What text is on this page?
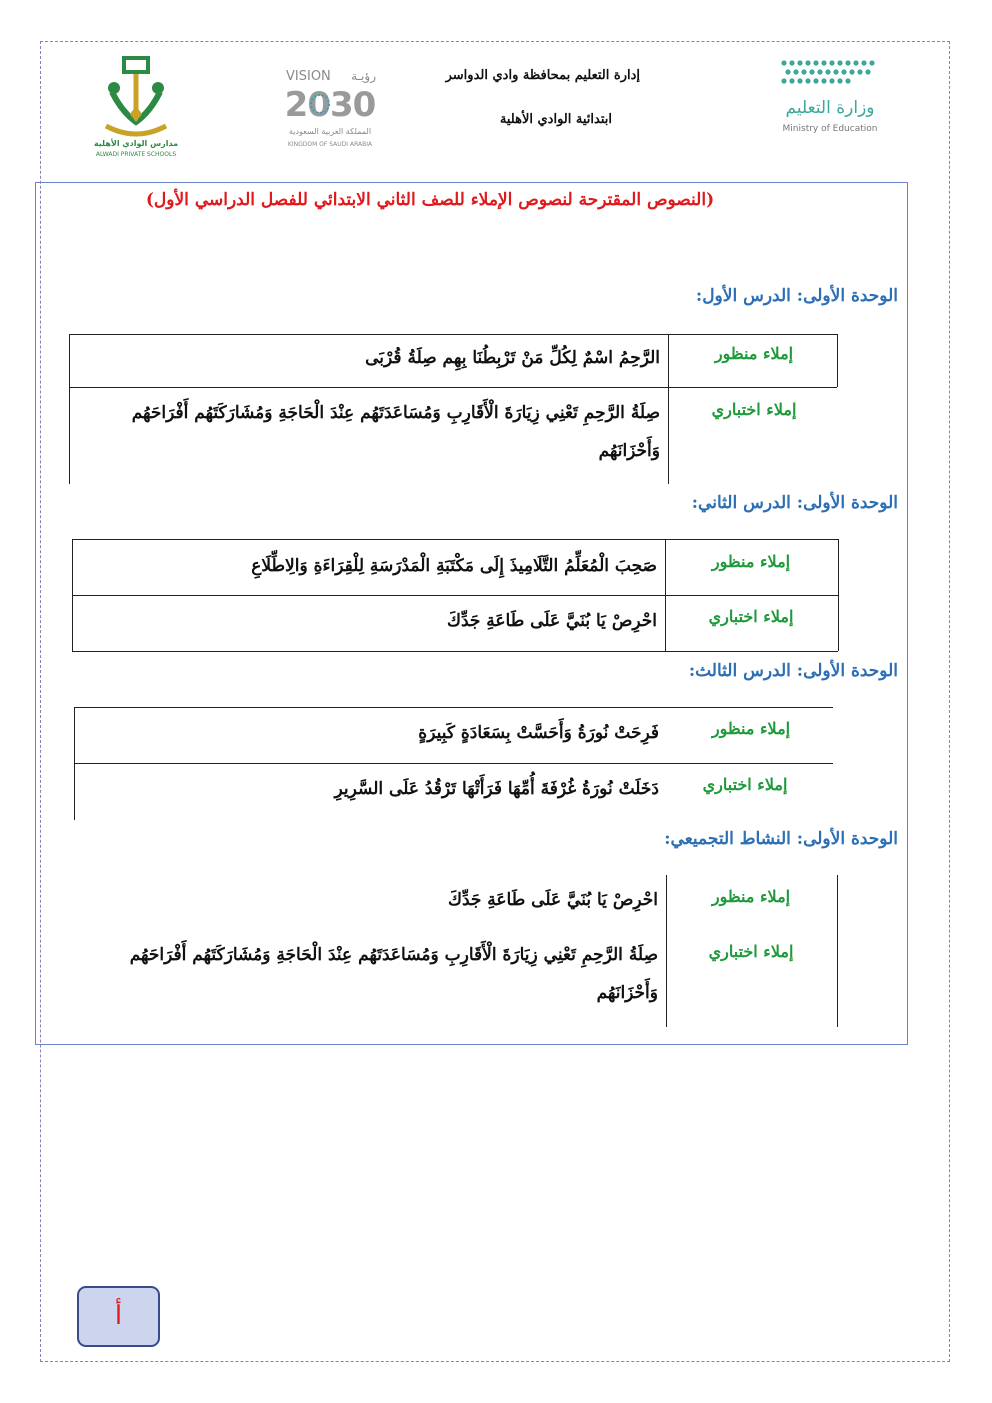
مدارس الوادي الأهلية
ALWADI PRIVATE SCHOOLS
VISION رؤيـة
2030
المملكة العربية السعودية
KINGDOM OF SAUDI ARABIA
إدارة التعليم بمحافظة وادي الدواسر
ابتدائية الوادي الأهلية
وزارة التعليم
Ministry of Education
(النصوص المقترحة لنصوص الإملاء للصف الثاني الابتدائي للفصل الدراسي الأول)
الوحدة الأولى: الدرس الأول:
إملاء منظور
الرَّحِمُ اسْمٌ لِكُلِّ مَنْ تَرْبِطُنَا بِهِم صِلَةُ قُرْبَى
إملاء اختباري
صِلَةُ الرَّحِمِ تَعْنِي زِيَارَةَ الْأَقَارِبِ وَمُسَاعَدَتَهُم عِنْدَ الْحَاجَةِ وَمُشَارَكَتَهُم أَفْرَاحَهُم وَأَحْزَانَهُم
الوحدة الأولى: الدرس الثاني:
إملاء منظور
صَحِبَ الْمُعَلِّمُ التَّلَامِيذَ إِلَى مَكْتَبَةِ الْمَدْرَسَةِ لِلْقِرَاءَةِ وَالِاطِّلَاعِ
إملاء اختباري
احْرِصْ يَا بُنَيَّ عَلَى طَاعَةِ جَدِّكَ
الوحدة الأولى: الدرس الثالث:
إملاء منظور
فَرِحَتْ نُورَةُ وَأَحَسَّتْ بِسَعَادَةٍ كَبِيرَةٍ
إملاء اختباري
دَخَلَتْ نُورَةُ غُرْفَةَ أُمِّهَا فَرَأَتْهَا تَرْقُدُ عَلَى السَّرِيرِ
الوحدة الأولى: النشاط التجميعي:
إملاء منظور
احْرِصْ يَا بُنَيَّ عَلَى طَاعَةِ جَدِّكَ
إملاء اختباري
صِلَةُ الرَّحِمِ تَعْنِي زِيَارَةَ الْأَقَارِبِ وَمُسَاعَدَتَهُم عِنْدَ الْحَاجَةِ وَمُشَارَكَتَهُم أَفْرَاحَهُم وَأَحْزَانَهُم
أ
